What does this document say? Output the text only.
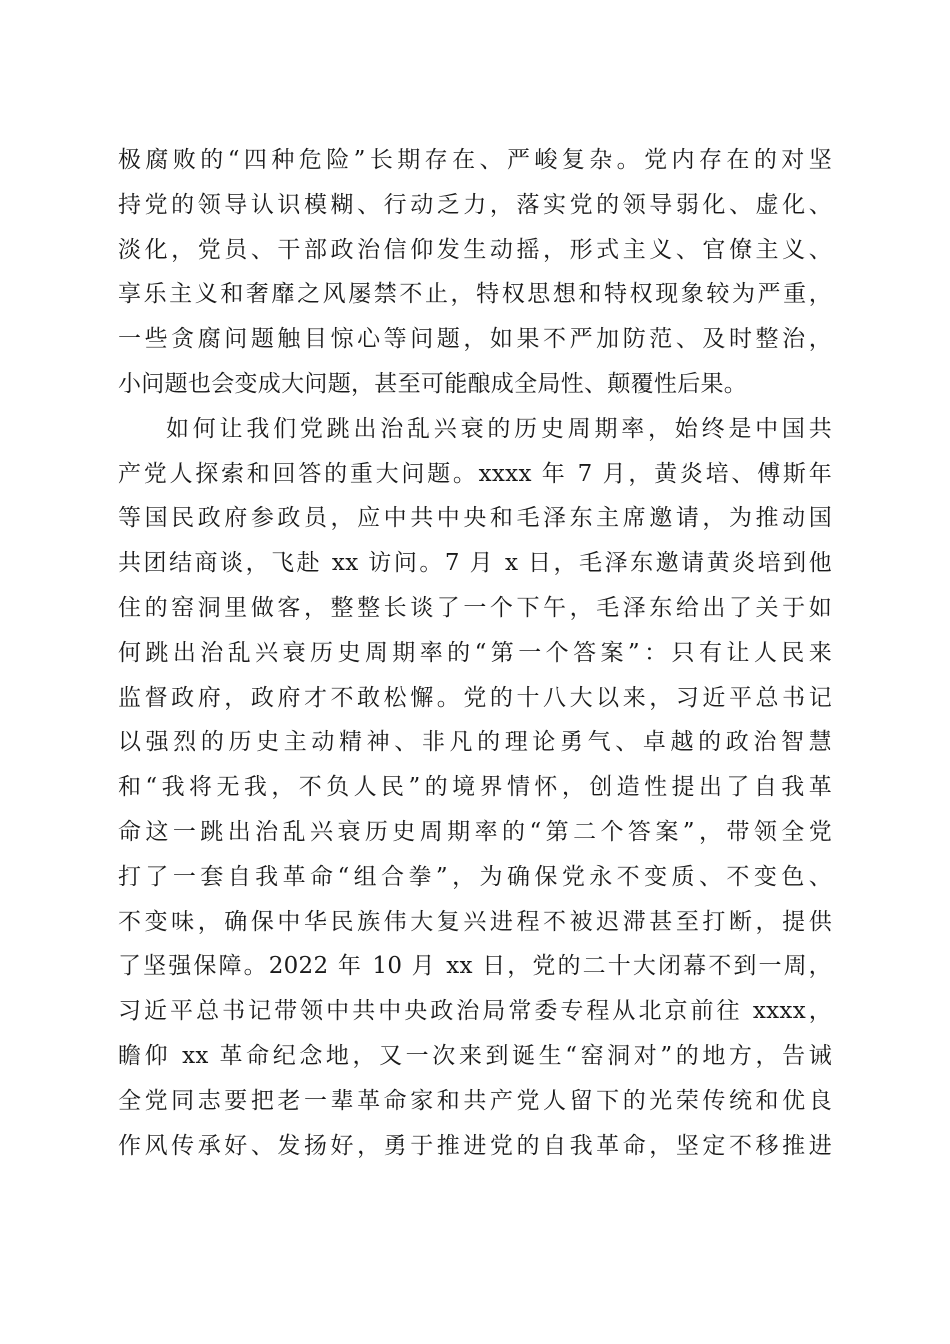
极腐败的“四种危险”长期存在、严峻复杂。党内存在的对坚
持党的领导认识模糊、行动乏力，落实党的领导弱化、虚化、
淡化，党员、干部政治信仰发生动摇，形式主义、官僚主义、
享乐主义和奢靡之风屡禁不止，特权思想和特权现象较为严重，
一些贪腐问题触目惊心等问题，如果不严加防范、及时整治，
小问题也会变成大问题，甚至可能酿成全局性、颠覆性后果。
如何让我们党跳出治乱兴衰的历史周期率，始终是中国共
产党人探索和回答的重大问题。xxxx 年 7 月，黄炎培、傅斯年
等国民政府参政员，应中共中央和毛泽东主席邀请，为推动国
共团结商谈，飞赴 xx 访问。7 月 x 日，毛泽东邀请黄炎培到他
住的窑洞里做客，整整长谈了一个下午，毛泽东给出了关于如
何跳出治乱兴衰历史周期率的“第一个答案”：只有让人民来
监督政府，政府才不敢松懈。党的十八大以来，习近平总书记
以强烈的历史主动精神、非凡的理论勇气、卓越的政治智慧
和“我将无我，不负人民”的境界情怀，创造性提出了自我革
命这一跳出治乱兴衰历史周期率的“第二个答案”，带领全党
打了一套自我革命“组合拳”，为确保党永不变质、不变色、
不变味，确保中华民族伟大复兴进程不被迟滞甚至打断，提供
了坚强保障。2022 年 10 月 xx 日，党的二十大闭幕不到一周，
习近平总书记带领中共中央政治局常委专程从北京前往 xxxx，
瞻仰 xx 革命纪念地，又一次来到诞生“窑洞对”的地方，告诫
全党同志要把老一辈革命家和共产党人留下的光荣传统和优良
作风传承好、发扬好，勇于推进党的自我革命，坚定不移推进
